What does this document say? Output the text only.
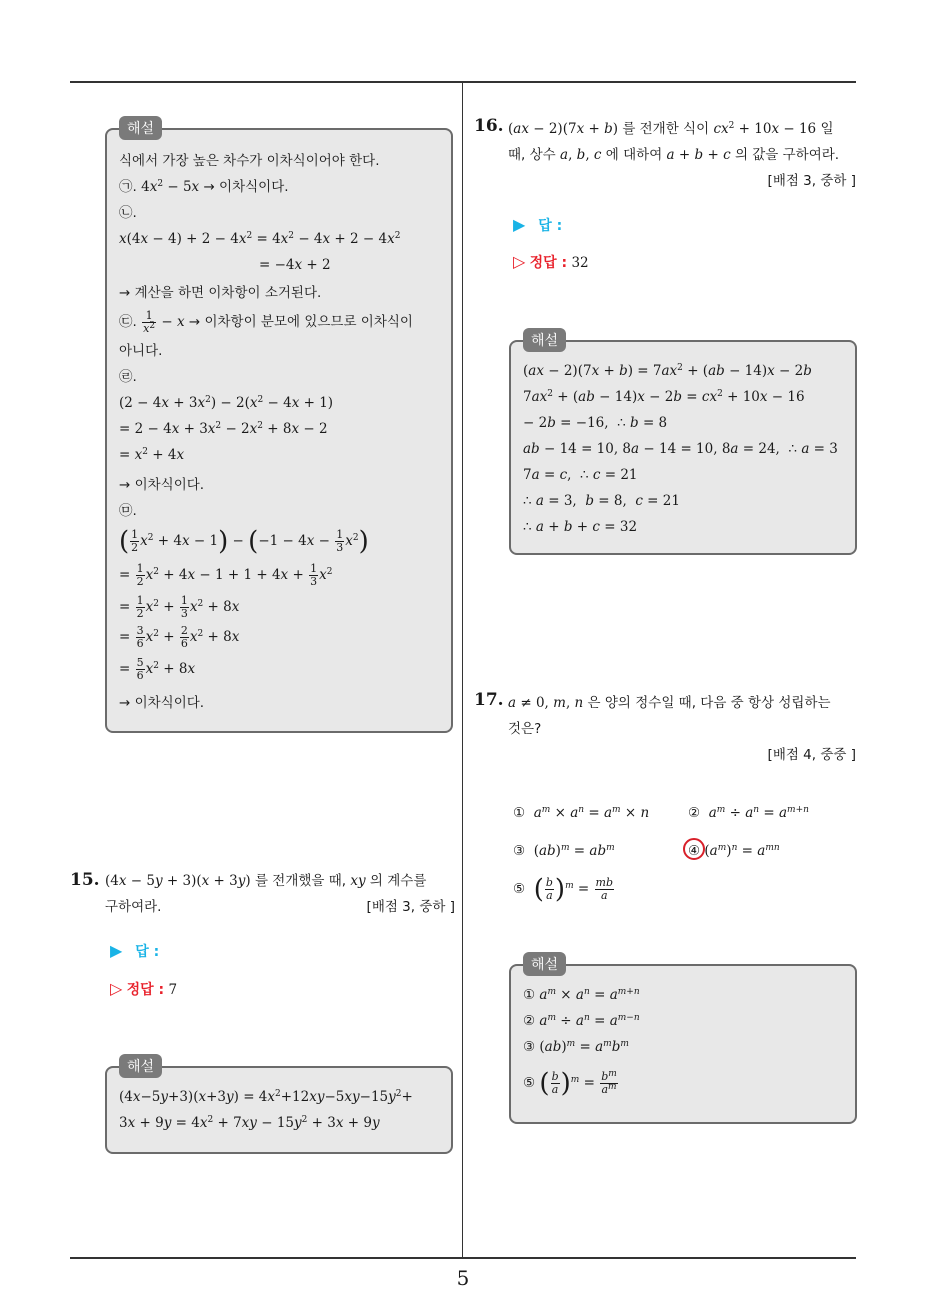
해설
식에서 가장 높은 차수가 이차식이어야 한다.
㉠. $4x^2 - 5x$ → 이차식이다.
㉡.
$x(4x - 4) + 2 - 4x^2 = 4x^2 - 4x + 2 - 4x^2$
= −4x + 2
→ 계산을 하면 이차항이 소거된다.
㉢. $\frac{1}{x^2} - x$ → 이차항이 분모에 있으므로 이차식이
아니다.
㉣.
$(2 - 4x + 3x^2) - 2(x^2 - 4x + 1)$
= $2 - 4x + 3x^2 - 2x^2 + 8x - 2$
= $x^2 + 4x$
→ 이차식이다.
㉤.
( $\frac{1}{2} x^2 + 4x - 1) - (-1 - 4x - \frac{1}{3} x^2)$
= $\frac{1}{2} x^2 + 4x - 1 + 1 + 4x + \frac{1}{3} x^2$
= $\frac{1}{2} x^2 + \frac{1}{3} x^2 + 8x$
= $\frac{3}{6} x^2 + \frac{2}{6} x^2 + 8x$
= $\frac{5}{6} x^2 + 8x$
→ 이차식이다.
15. (4x − 5y + 3)(x + 3y) 를 전개했을 때, xy 의 계수를
구하여라.	[배점 3, 중하 ]
▶ 답 :
▷ 정답 : 7
해설
$(4x-5y+3)(x+3y) = 4x^2+12xy-5xy-15y^2+$
$3x + 9y = 4x^2 + 7xy - 15y^2 + 3x + 9y$
16. (ax − 2)(7x + b) 를 전개한 식이 $cx^2 + 10x - 16$ 일
때, 상수 a, b, c 에 대하여 a + b + c 의 값을 구하여라.
[배점 3, 중하 ]
▶ 답 :
▷ 정답 : 32
해설
$(ax - 2)(7x + b) = 7ax^2 + (ab - 14)x - 2b$
$7ax^2 + (ab - 14)x - 2b = cx^2 + 10x - 16$
− 2b = −16,  ∴ b = 8
ab − 14 = 10, 8a − 14 = 10, 8a = 24,  ∴ a = 3
7a = c,  ∴ c = 21
∴ a = 3,  b = 8,  c = 21
∴ a + b + c = 32
17. a ≠ 0, m, n 은 양의 정수일 때, 다음 중 항상 성립하는
것은?
[배점 4, 중중 ]
① $a^m \times a^n = a^m \times n$	② $a^m \div a^n = a^{m+n}$
③  $(ab)^m = ab^m$	④ $(a^m)^n = a^{mn}$
⑤ ( $\frac{b}{a} )^m = \frac{mb}{a}$
해설
① $a^m \times a^n = a^{m+n}$
② $a^m \div a^n = a^{m-n}$
③ $(ab)^m = a^mb^m$
⑤ ( $\frac{b}{a} )^m = \frac{b^m}{a^m}$
5
